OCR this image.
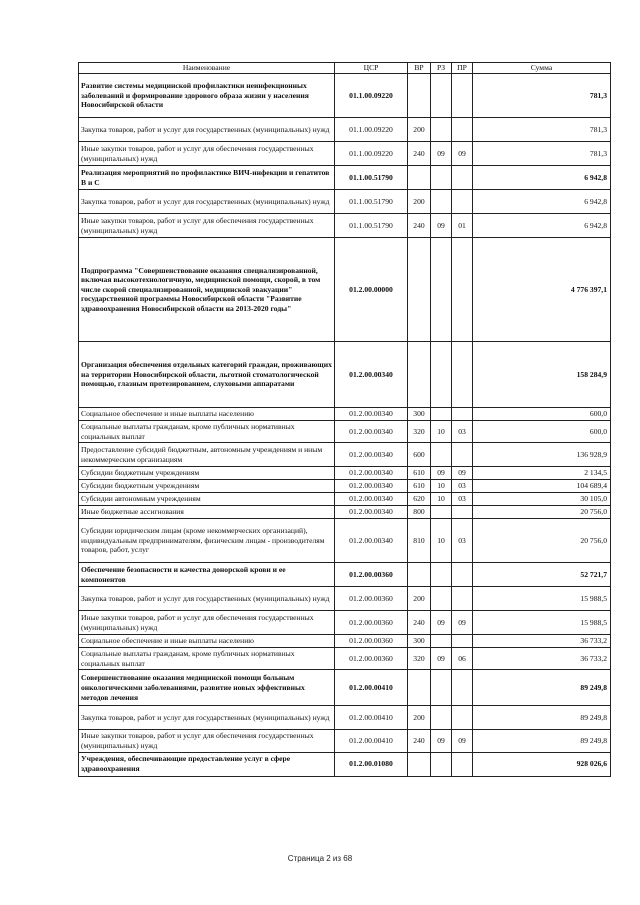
Наименование	ЦСР	ВР	РЗ	ПР	Сумма
Развитие системы медицинской профилактики неинфекционных заболеваний и формирование здорового образа жизни у населения Новосибирской области	01.1.00.09220				781,3
Закупка товаров, работ и услуг для государственных (муниципальных) нужд	01.1.00.09220	200			781,3
Иные закупки товаров, работ и услуг для обеспечения государственных (муниципальных) нужд	01.1.00.09220	240	09	09	781,3
Реализация мероприятий по профилактике ВИЧ-инфекции и гепатитов В и С	01.1.00.51790				6 942,8
Закупка товаров, работ и услуг для государственных (муниципальных) нужд	01.1.00.51790	200			6 942,8
Иные закупки товаров, работ и услуг для обеспечения государственных (муниципальных) нужд	01.1.00.51790	240	09	01	6 942,8
Подпрограмма "Совершенствование оказания специализированной, включая высокотехнологичную, медицинской помощи, скорой, в том числе скорой специализированной, медицинской эвакуации" государственной программы Новосибирской области "Развитие здравоохранения Новосибирской области на 2013-2020 годы"	01.2.00.00000				4 776 397,1
Организация обеспечения отдельных категорий граждан, проживающих на территории Новосибирской области, льготной стоматологической помощью, глазным протезированием, слуховыми аппаратами	01.2.00.00340				158 284,9
Социальное обеспечение и иные выплаты населению	01.2.00.00340	300			600,0
Социальные выплаты гражданам, кроме публичных нормативных социальных выплат	01.2.00.00340	320	10	03	600,0
Предоставление субсидий бюджетным, автономным учреждениям и иным некоммерческим организациям	01.2.00.00340	600			136 928,9
Субсидии бюджетным учреждениям	01.2.00.00340	610	09	09	2 134,5
Субсидии бюджетным учреждениям	01.2.00.00340	610	10	03	104 689,4
Субсидии автономным учреждениям	01.2.00.00340	620	10	03	30 105,0
Иные бюджетные ассигнования	01.2.00.00340	800			20 756,0
Субсидии юридическим лицам (кроме некоммерческих организаций), индивидуальным предпринимателям, физическим лицам - производителям товаров, работ, услуг	01.2.00.00340	810	10	03	20 756,0
Обеспечение безопасности и качества донорской крови и ее компонентов	01.2.00.00360				52 721,7
Закупка товаров, работ и услуг для государственных (муниципальных) нужд	01.2.00.00360	200			15 988,5
Иные закупки товаров, работ и услуг для обеспечения государственных (муниципальных) нужд	01.2.00.00360	240	09	09	15 988,5
Социальное обеспечение и иные выплаты населению	01.2.00.00360	300			36 733,2
Социальные выплаты гражданам, кроме публичных нормативных социальных выплат	01.2.00.00360	320	09	06	36 733,2
Совершенствование оказания медицинской помощи больным онкологическими заболеваниями, развитие новых эффективных методов лечения	01.2.00.00410				89 249,8
Закупка товаров, работ и услуг для государственных (муниципальных) нужд	01.2.00.00410	200			89 249,8
Иные закупки товаров, работ и услуг для обеспечения государственных (муниципальных) нужд	01.2.00.00410	240	09	09	89 249,8
Учреждения, обеспечивающие предоставление услуг в сфере здравоохранения	01.2.00.01080				928 026,6
Страница 2 из 68
